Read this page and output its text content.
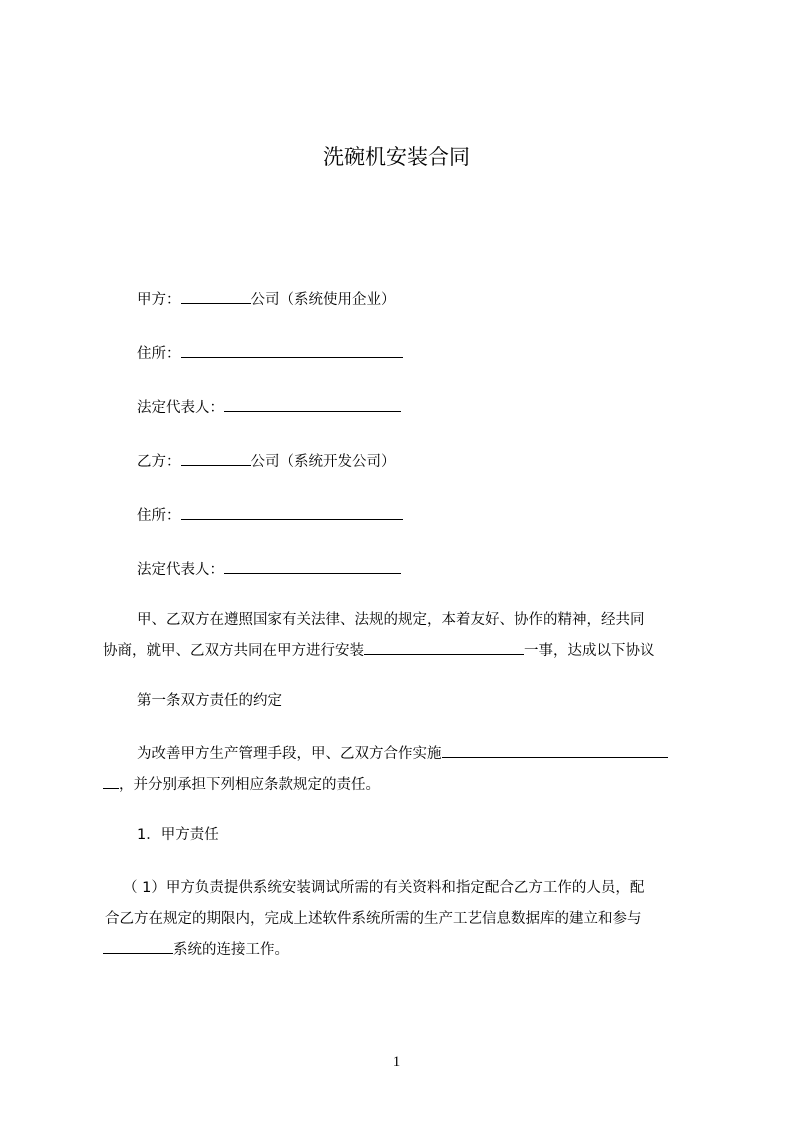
洗碗机安装合同
甲方：	公司（系统使用企业）
住所：
法定代表人：
乙方：	公司（系统开发公司）
住所：
法定代表人：

甲、乙双方在遵照国家有关法律、法规的规定，本着友好、协作的精神，经共同

协商，就甲、乙双方共同在甲方进行安装	一事，达成以下协议

第一条双方责任的约定

为改善甲方生产管理手段，甲、乙双方合作实施

，并分别承担下列相应条款规定的责任。

1．甲方责任

（ 1）甲方负责提供系统安装调试所需的有关资料和指定配合乙方工作的人员，配

合乙方在规定的期限内，完成上述软件系统所需的生产工艺信息数据库的建立和参与

系统的连接工作。

1
